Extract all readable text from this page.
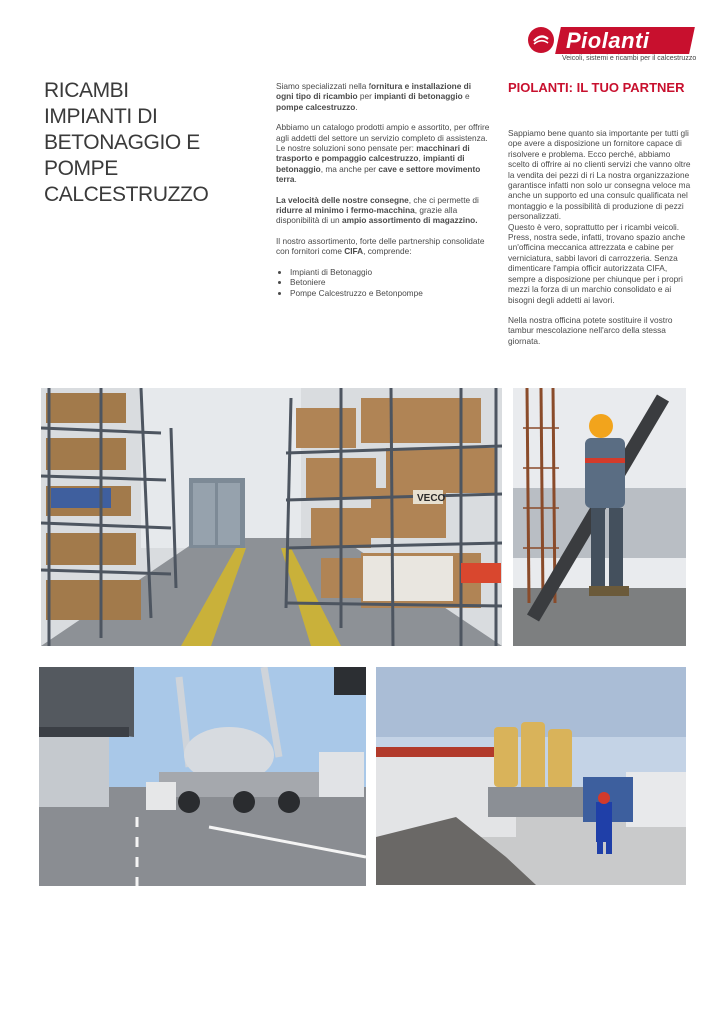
Piolanti
Veicoli, sistemi e ricambi per il calcestruzzo
RICAMBI
IMPIANTI DI
BETONAGGIO E
POMPE
CALCESTRUZZO

Siamo specializzati nella fornitura e installazione di ogni tipo di ricambio per impianti di betonaggio e pompe calcestruzzo.

Abbiamo un catalogo prodotti ampio e assortito, per offrire agli addetti del settore un servizio completo di assistenza. Le nostre soluzioni sono pensate per: macchinari di trasporto e pompaggio calcestruzzo, impianti di betonaggio, ma anche per cave e settore movimento terra.

La velocità delle nostre consegne, che ci permette di ridurre al minimo i fermo-macchina, grazie alla disponibilità di un ampio assortimento di magazzino.

Il nostro assortimento, forte delle partnership consolidate con fornitori come CIFA, comprende:

• Impianti di Betonaggio
• Betoniere
• Pompe Calcestruzzo e Betonpompe
PIOLANTI: IL TUO PARTNER

Sappiamo bene quanto sia importante per tutti gli ope avere a disposizione un fornitore capace di risolvere e problema. Ecco perché, abbiamo scelto di offrire ai no clienti servizi che vanno oltre la vendita dei pezzi di ri La nostra organizzazione garantisce infatti non solo ur consegna veloce ma anche un supporto ed una consulc qualificata nel montaggio e la possibilità di produzione di pezzi personalizzati.

Questo è vero, soprattutto per i ricambi veicoli. Press, nostra sede, infatti, trovano spazio anche un'officina meccanica attrezzata e cabine per verniciatura, sabbi lavori di carrozzeria. Senza dimenticare l'ampia officir autorizzata CIFA, sempre a disposizione per chiunque per i propri mezzi la forza di un marchio consolidato e ai bisogni degli addetti ai lavori.

Nella nostra officina potete sostituire il vostro tambur mescolazione nell'arco della stessa giornata.

VECO
